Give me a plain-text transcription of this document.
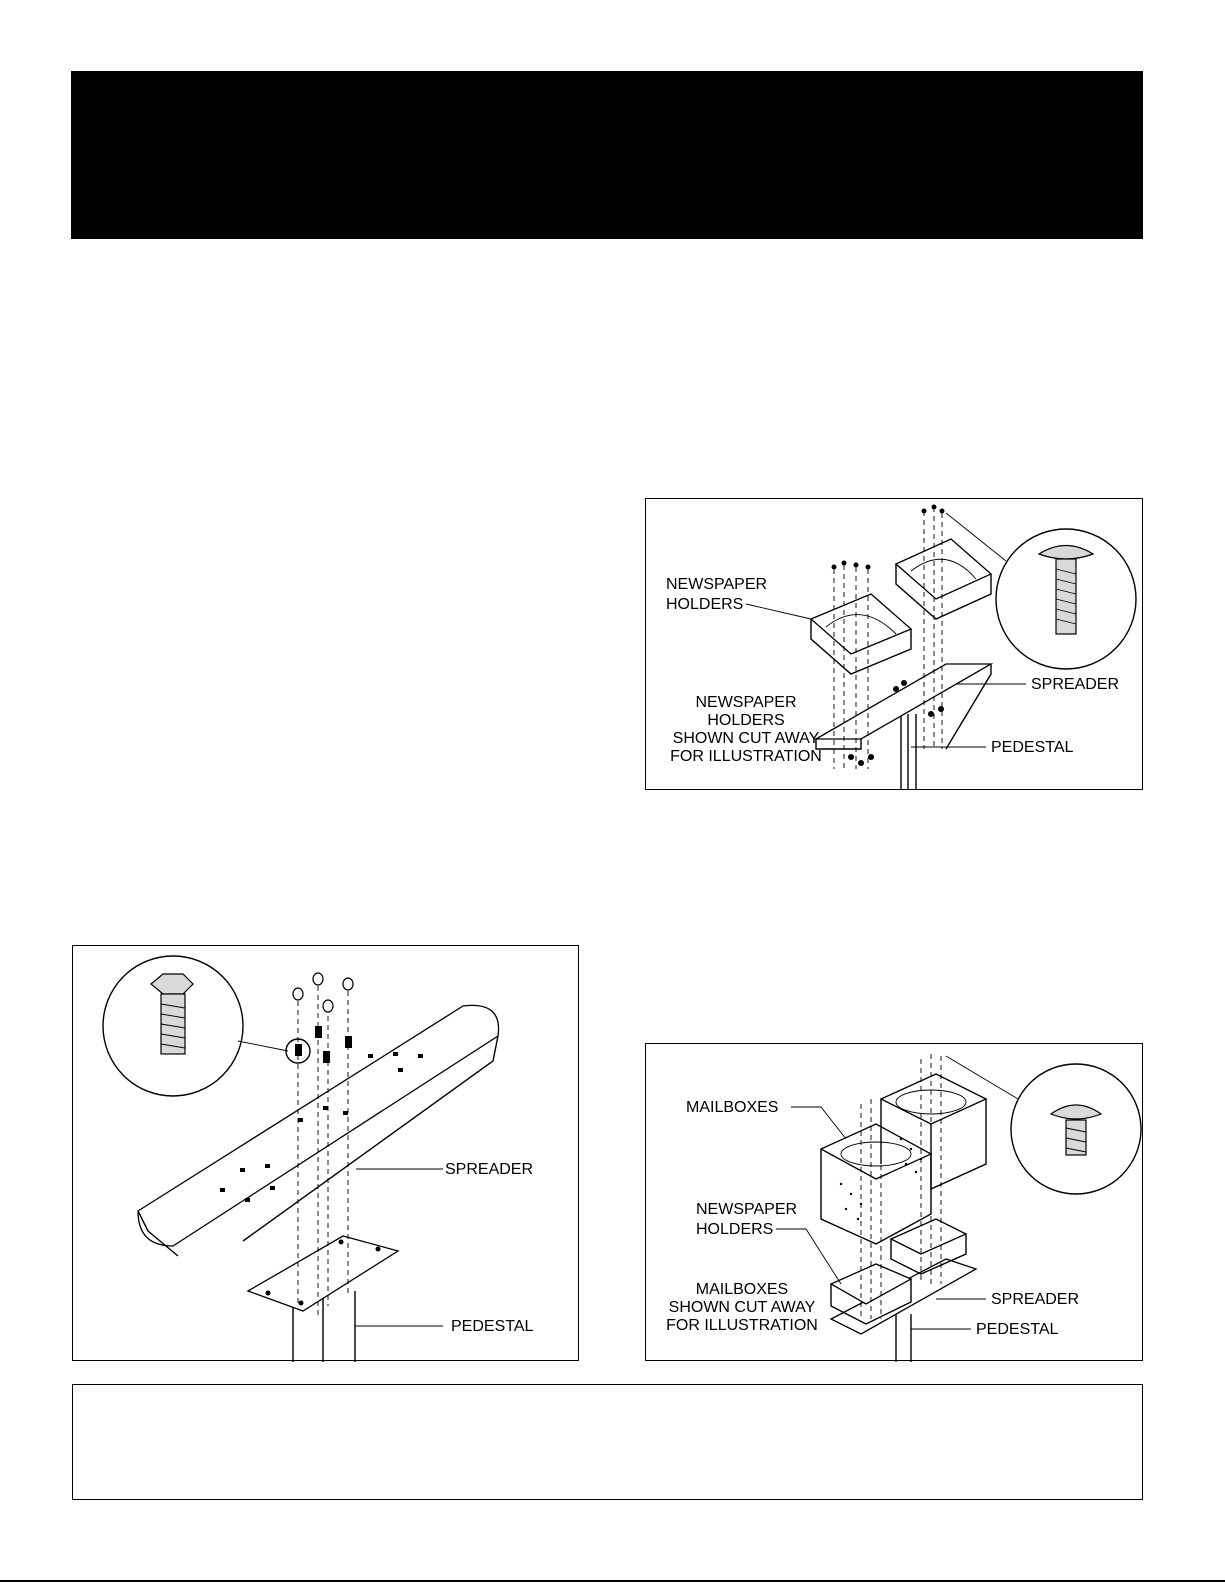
NEWSPAPER
HOLDERS
SPREADER
PEDESTAL
NEWSPAPER
HOLDERS
SHOWN CUT AWAY
FOR ILLUSTRATION
SPREADER
PEDESTAL
MAILBOXES
NEWSPAPER
HOLDERS
SPREADER
PEDESTAL
MAILBOXES
SHOWN CUT AWAY
FOR ILLUSTRATION
